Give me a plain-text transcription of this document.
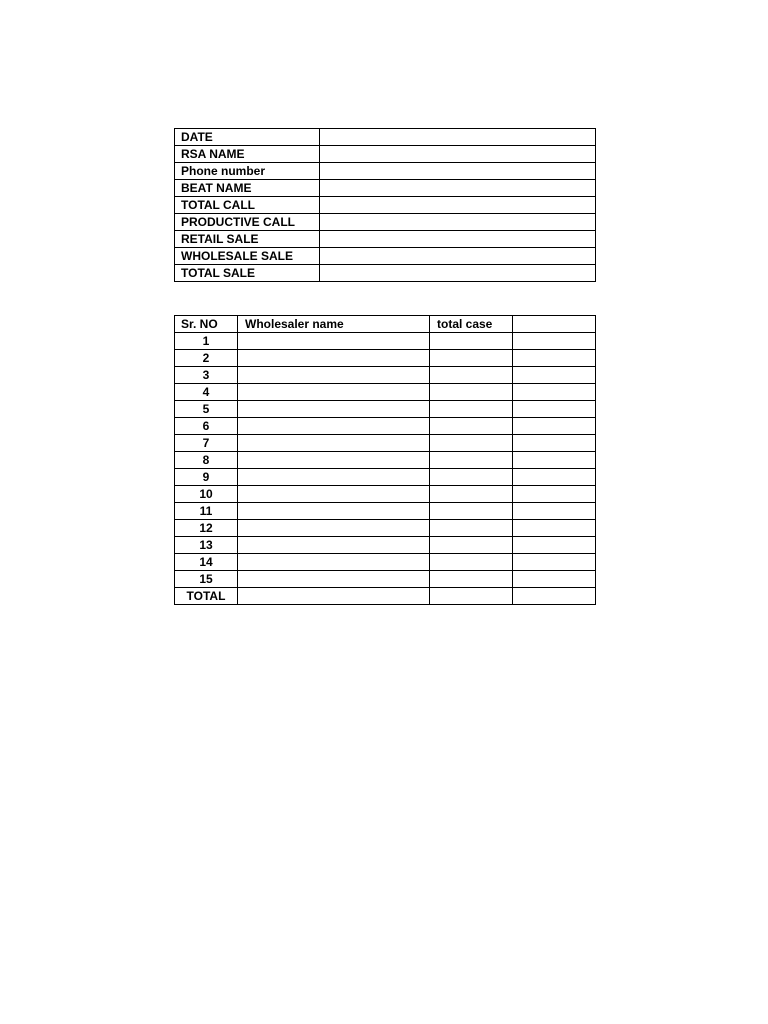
DATE	
RSA NAME	
Phone number	
BEAT NAME	
TOTAL CALL	
PRODUCTIVE CALL	
RETAIL SALE	
WHOLESALE SALE	
TOTAL SALE	
Sr. NO	Wholesaler name	total case	
1			
2			
3			
4			
5			
6			
7			
8			
9			
10			
11			
12			
13			
14			
15			
TOTAL			
